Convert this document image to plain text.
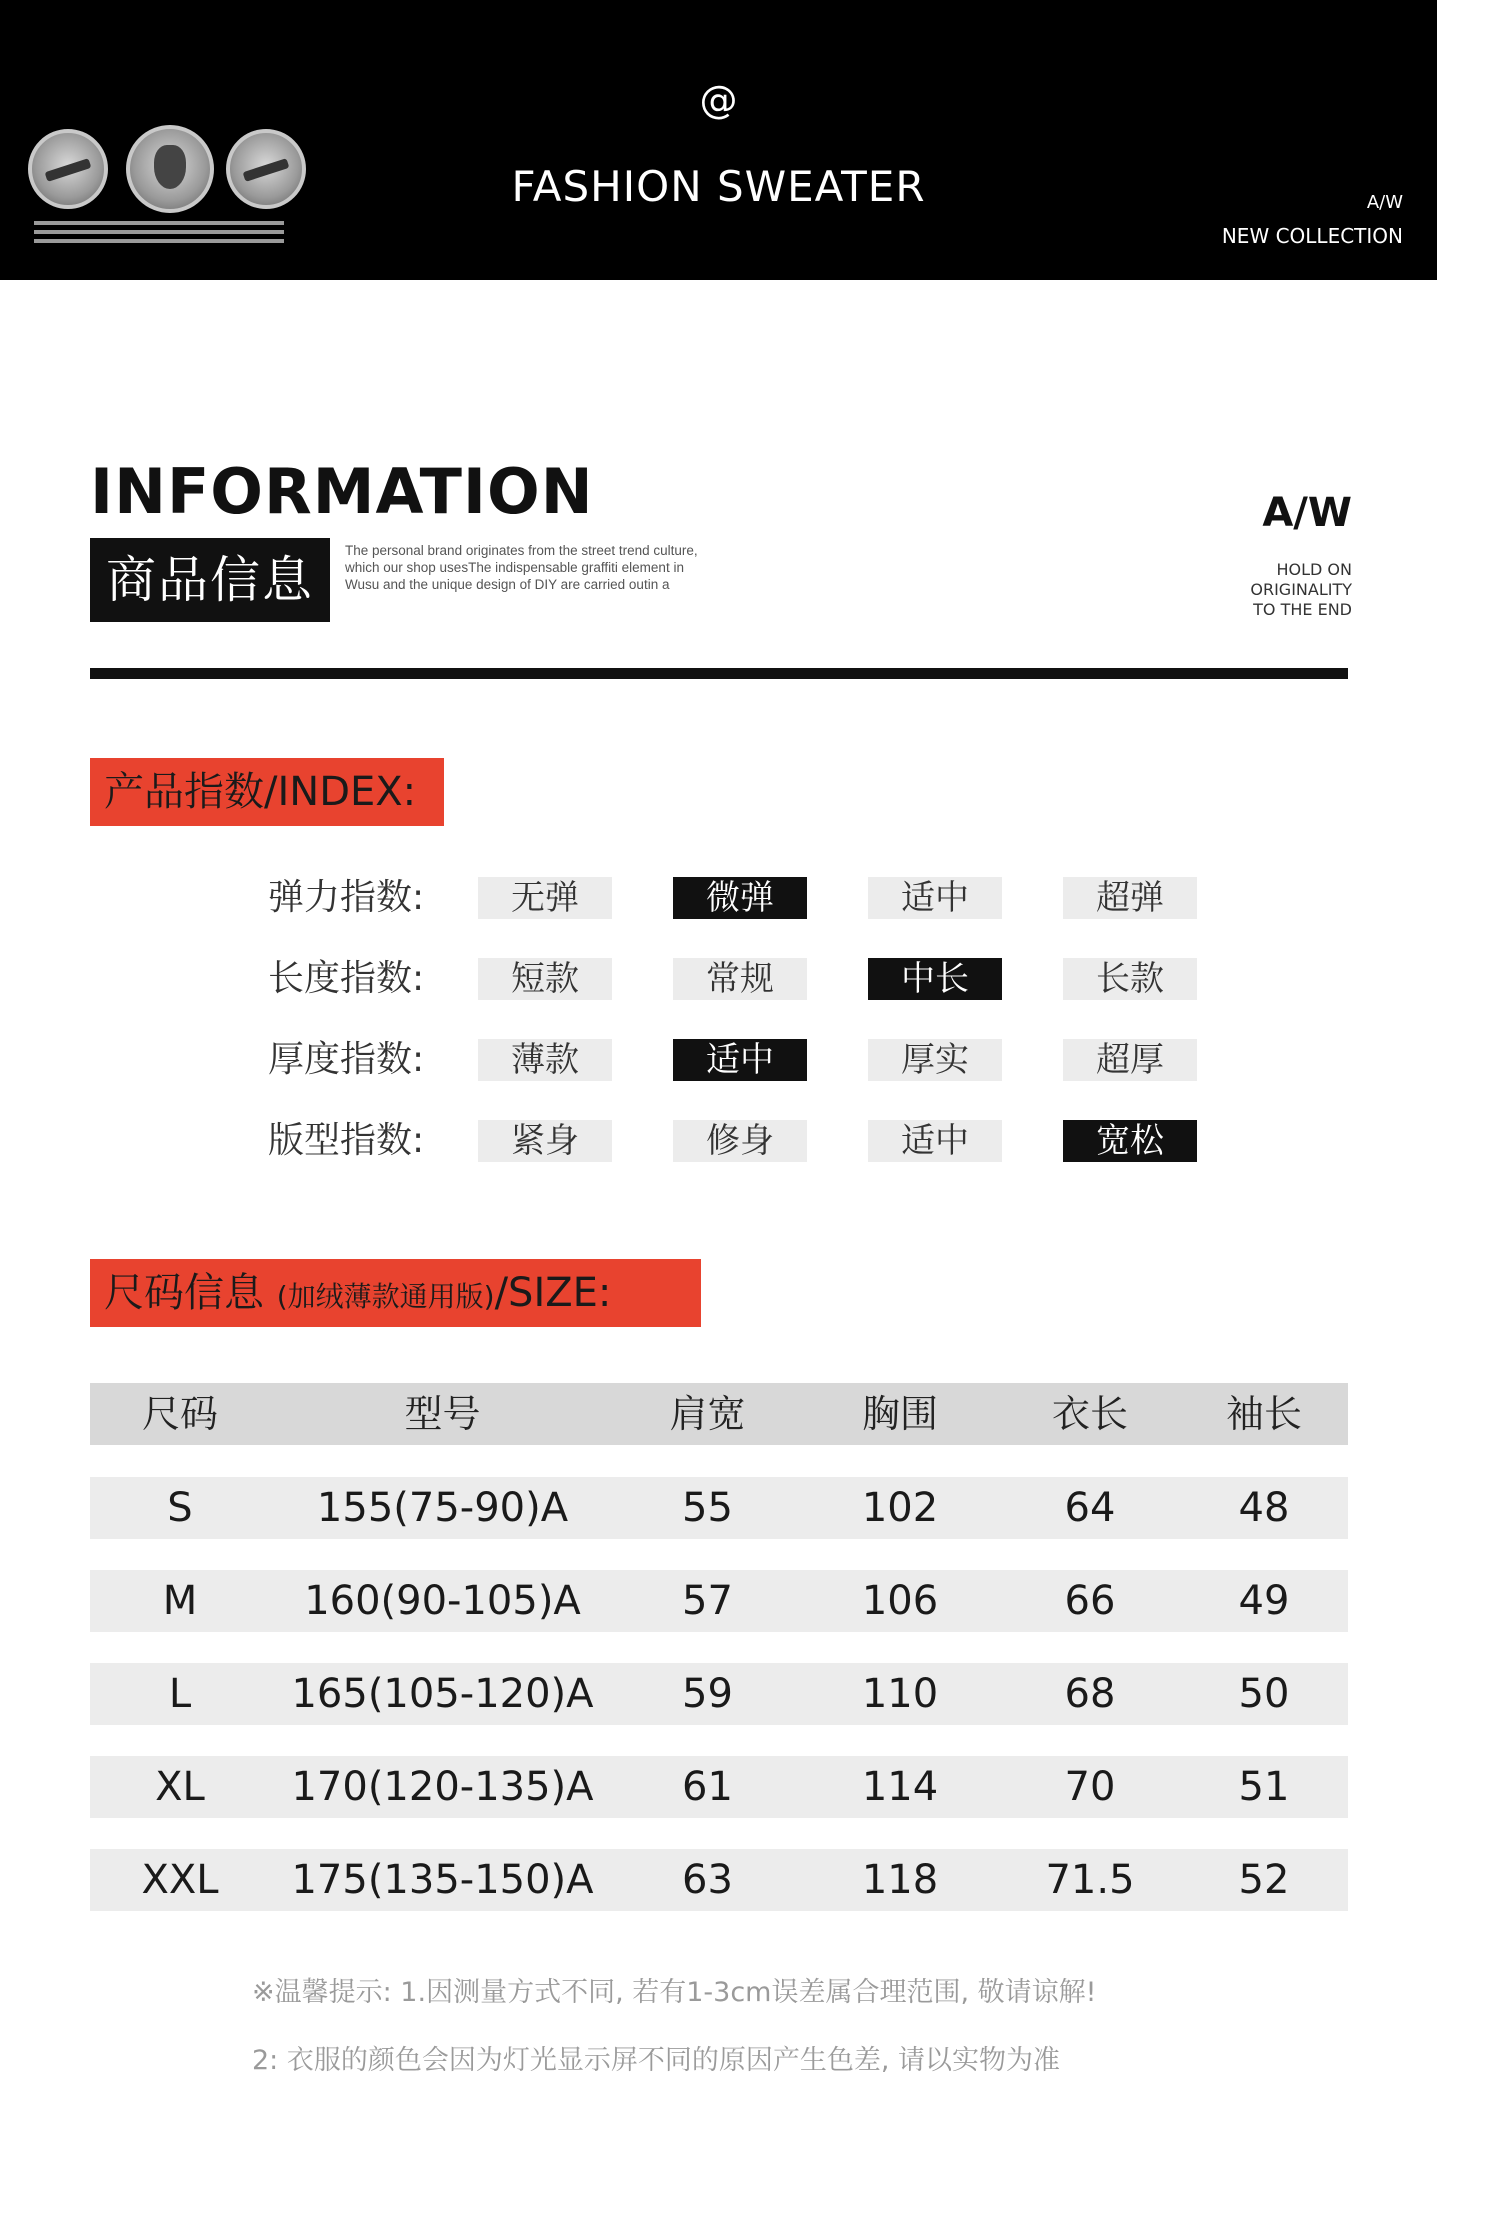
@
FASHION SWEATER	A/W
NEW COLLECTION
INFORMATION
商品信息
The personal brand originates from the street trend culture, which our shop usesThe indispensable graffiti element in Wusu and the unique design of DIY are carried outin a
A/W
HOLD ON
ORIGINALITY
TO THE END
产品指数/INDEX:
弹力指数:	无弹	微弹	适中	超弹
长度指数:	短款	常规	中长	长款
厚度指数:	薄款	适中	厚实	超厚
版型指数:	紧身	修身	适中	宽松
尺码信息 (加绒薄款通用版)/SIZE:
尺码	型号	肩宽	胸围	衣长	袖长
S	155(75-90)A	55	102	64	48
M	160(90-105)A	57	106	66	49
L	165(105-120)A	59	110	68	50
XL	170(120-135)A	61	114	70	51
XXL	175(135-150)A	63	118	71.5	52
※温馨提示: 1.因测量方式不同, 若有1-3cm误差属合理范围, 敬请谅解!
2: 衣服的颜色会因为灯光显示屏不同的原因产生色差, 请以实物为准
